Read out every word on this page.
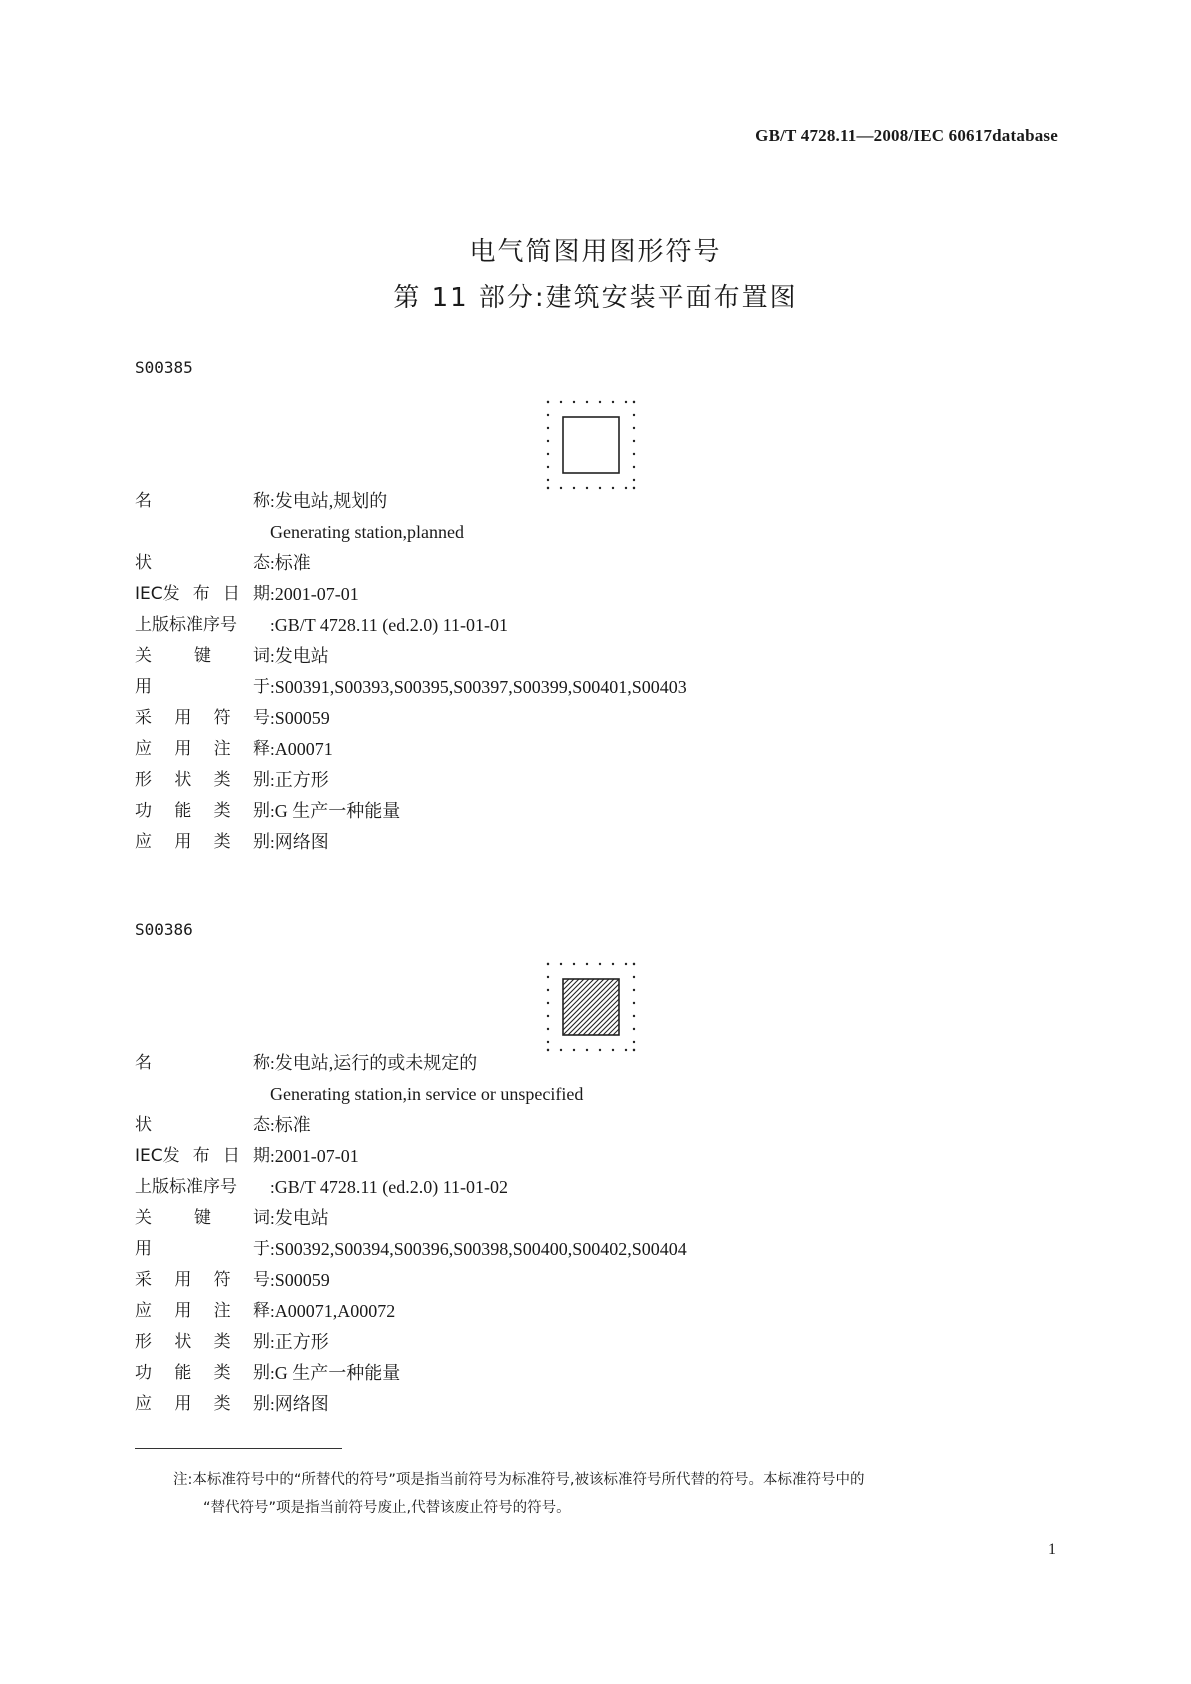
GB/T 4728.11—2008/IEC 60617database
电气简图用图形符号
第 11 部分:建筑安装平面布置图
S00385
名	称 : 发电站,规划的
Generating station,planned
状	态 : 标准
IEC发 布 日 期 : 2001-07-01
上版标准序号 : GB/T 4728.11 (ed.2.0) 11-01-01
关 键 词 : 发电站
用	于 : S00391,S00393,S00395,S00397,S00399,S00401,S00403
采 用 符 号 : S00059
应 用 注 释 : A00071
形 状 类 别 : 正方形
功 能 类 别 : G 生产一种能量
应 用 类 别 : 网络图
S00386
名	称 : 发电站,运行的或未规定的
Generating station,in service or unspecified
状	态 : 标准
IEC发 布 日 期 : 2001-07-01
上版标准序号 : GB/T 4728.11 (ed.2.0) 11-01-02
关 键 词 : 发电站
用	于 : S00392,S00394,S00396,S00398,S00400,S00402,S00404
采 用 符 号 : S00059
应 用 注 释 : A00071,A00072
形 状 类 别 : 正方形
功 能 类 别 : G 生产一种能量
应 用 类 别 : 网络图

注:本标准符号中的“所替代的符号”项是指当前符号为标准符号,被该标准符号所代替的符号。本标准符号中的

“替代符号”项是指当前符号废止,代替该废止符号的符号。

1
